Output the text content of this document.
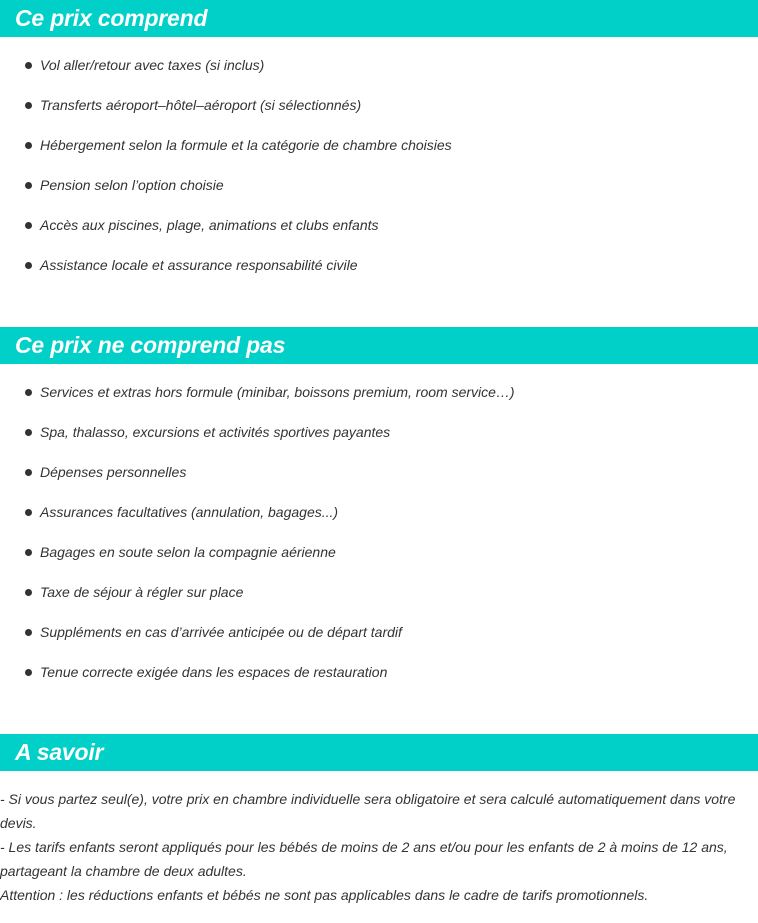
Ce prix comprend
Vol aller/retour avec taxes (si inclus)
Transferts aéroport–hôtel–aéroport (si sélectionnés)
Hébergement selon la formule et la catégorie de chambre choisies
Pension selon l’option choisie
Accès aux piscines, plage, animations et clubs enfants
Assistance locale et assurance responsabilité civile
Ce prix ne comprend pas
Services et extras hors formule (minibar, boissons premium, room service…)
Spa, thalasso, excursions et activités sportives payantes
Dépenses personnelles
Assurances facultatives (annulation, bagages...)
Bagages en soute selon la compagnie aérienne
Taxe de séjour à régler sur place
Suppléments en cas d’arrivée anticipée ou de départ tardif
Tenue correcte exigée dans les espaces de restauration
A savoir
- Si vous partez seul(e), votre prix en chambre individuelle sera obligatoire et sera calculé automatiquement dans votre devis.
- Les tarifs enfants seront appliqués pour les bébés de moins de 2 ans et/ou pour les enfants de 2 à moins de 12 ans, partageant la chambre de deux adultes.
Attention : les réductions enfants et bébés ne sont pas applicables dans le cadre de tarifs promotionnels.
